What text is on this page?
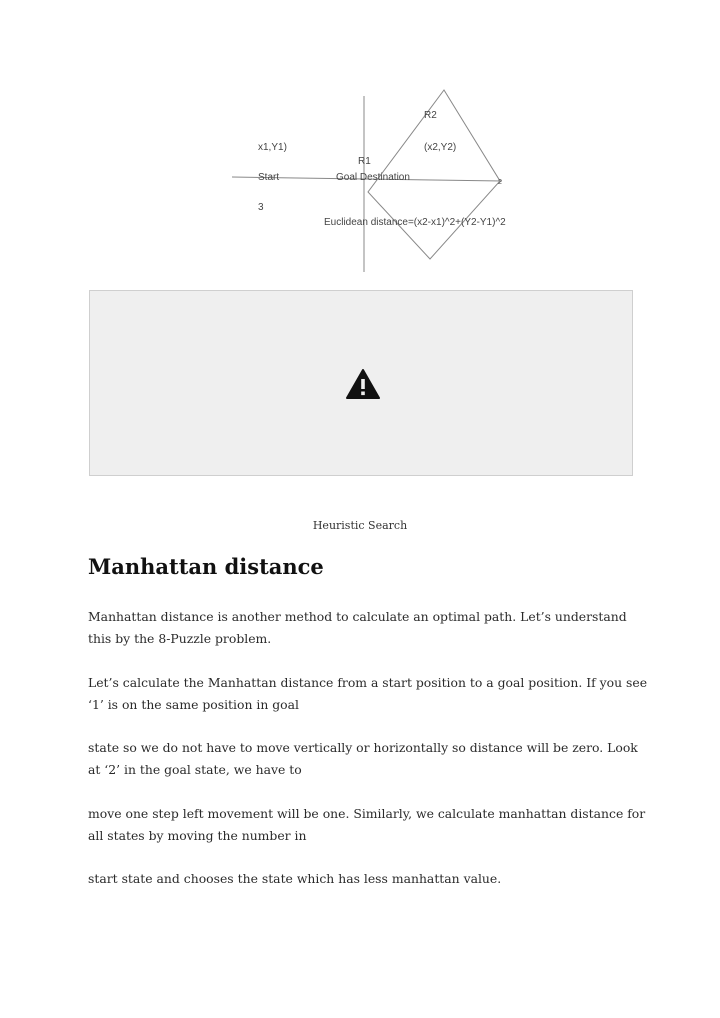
R2
x1,Y1)	(x2,Y2)
R1
Start	Goal Destination	2
3
Euclidean distance=(x2-x1)^2+(Y2-Y1)^2
Heuristic Search
Manhattan distance

Manhattan distance is another method to calculate an optimal path. Let’s understand this by the 8-Puzzle problem.

Let’s calculate the Manhattan distance from a start position to a goal position. If you see ‘1’ is on the same position in goal

state so we do not have to move vertically or horizontally so distance will be zero. Look at ‘2’ in the goal state, we have to

move one step left movement will be one. Similarly, we calculate manhattan distance for all states by moving the number in

start state and chooses the state which has less manhattan value.
